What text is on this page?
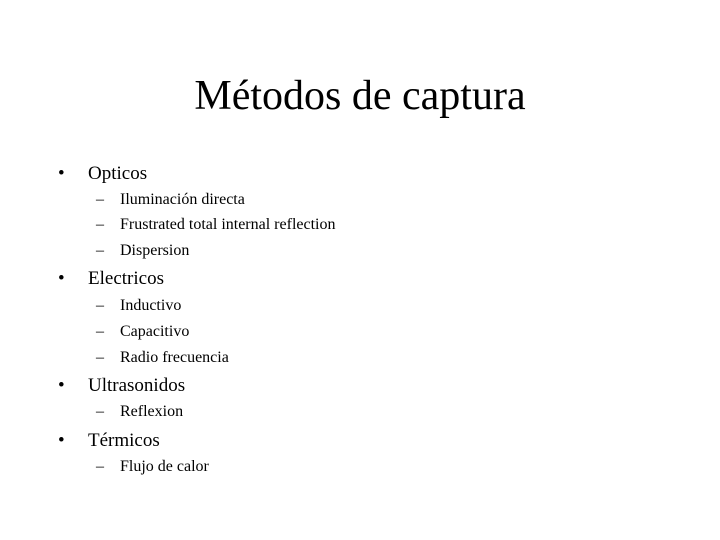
Métodos de captura
•	Opticos
–	Iluminación directa
–	Frustrated total internal reflection
–	Dispersion
•	Electricos
–	Inductivo
–	Capacitivo
–	Radio frecuencia
•	Ultrasonidos
–	Reflexion
•	Térmicos
–	Flujo de calor
